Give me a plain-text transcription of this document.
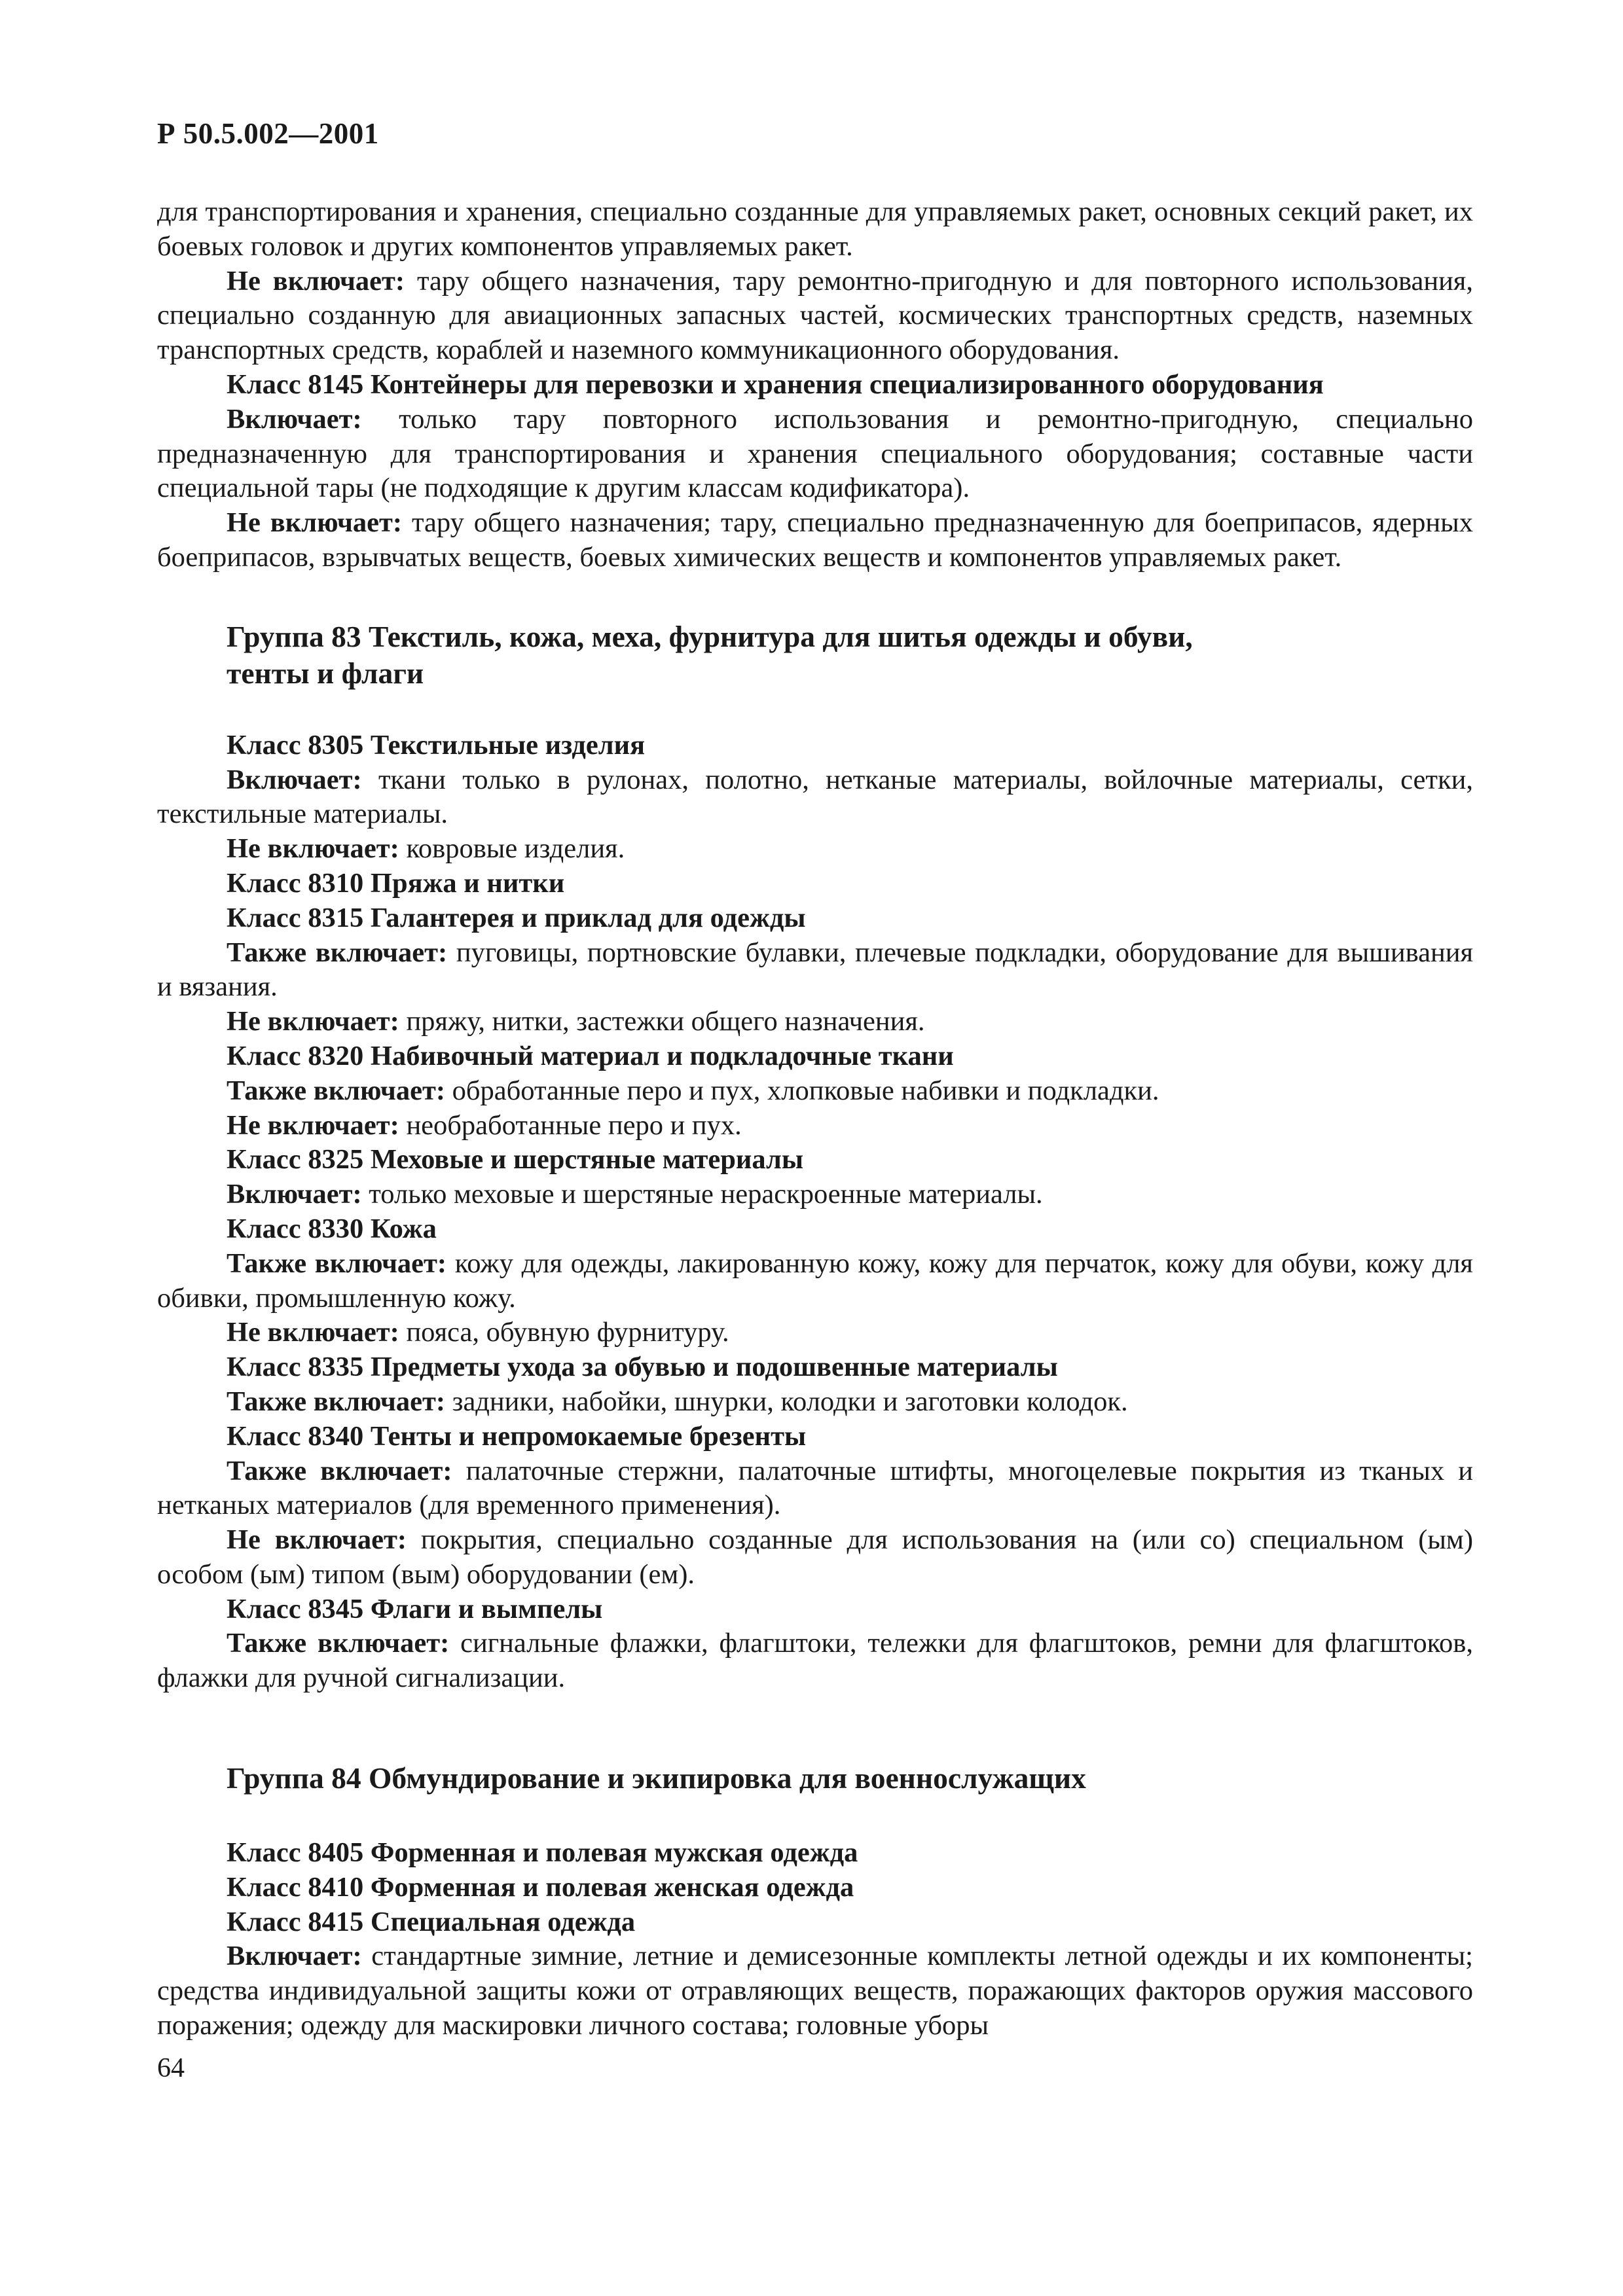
Р 50.5.002—2001

для транспортирования и хранения, специально созданные для управляемых ракет, основных секций ракет, их боевых головок и других компонентов управляемых ракет.

Не включает: тару общего назначения, тару ремонтно-пригодную и для повторного использования, специально созданную для авиационных запасных частей, космических транспортных средств, наземных транспортных средств, кораблей и наземного коммуникационного оборудования.

Класс 8145 Контейнеры для перевозки и хранения специализированного оборудования

Включает: только тару повторного использования и ремонтно-пригодную, специально предназначенную для транспортирования и хранения специального оборудования; составные части специальной тары (не подходящие к другим классам кодификатора).

Не включает: тару общего назначения; тару, специально предназначенную для боеприпасов, ядерных боеприпасов, взрывчатых веществ, боевых химических веществ и компонентов управляемых ракет.

Группа 83 Текстиль, кожа, меха, фурнитура для шитья одежды и обуви,

тенты и флаги

Класс 8305 Текстильные изделия

Включает: ткани только в рулонах, полотно, нетканые материалы, войлочные материалы, сетки, текстильные материалы.

Не включает: ковровые изделия.

Класс 8310 Пряжа и нитки

Класс 8315 Галантерея и приклад для одежды

Также включает: пуговицы, портновские булавки, плечевые подкладки, оборудование для вышивания и вязания.

Не включает: пряжу, нитки, застежки общего назначения.

Класс 8320 Набивочный материал и подкладочные ткани

Также включает: обработанные перо и пух, хлопковые набивки и подкладки.

Не включает: необработанные перо и пух.

Класс 8325 Меховые и шерстяные материалы

Включает: только меховые и шерстяные нераскроенные материалы.

Класс 8330 Кожа

Также включает: кожу для одежды, лакированную кожу, кожу для перчаток, кожу для обуви, кожу для обивки, промышленную кожу.

Не включает: пояса, обувную фурнитуру.

Класс 8335 Предметы ухода за обувью и подошвенные материалы

Также включает: задники, набойки, шнурки, колодки и заготовки колодок.

Класс 8340 Тенты и непромокаемые брезенты

Также включает: палаточные стержни, палаточные штифты, многоцелевые покрытия из тканых и нетканых материалов (для временного применения).

Не включает: покрытия, специально созданные для использования на (или со) специальном (ым) особом (ым) типом (вым) оборудовании (ем).

Класс 8345 Флаги и вымпелы

Также включает: сигнальные флажки, флагштоки, тележки для флагштоков, ремни для флагштоков, флажки для ручной сигнализации.

Группа 84 Обмундирование и экипировка для военнослужащих

Класс 8405 Форменная и полевая мужская одежда

Класс 8410 Форменная и полевая женская одежда

Класс 8415 Специальная одежда

Включает: стандартные зимние, летние и демисезонные комплекты летной одежды и их компоненты; средства индивидуальной защиты кожи от отравляющих веществ, поражающих факторов оружия массового поражения; одежду для маскировки личного состава; головные уборы

64
